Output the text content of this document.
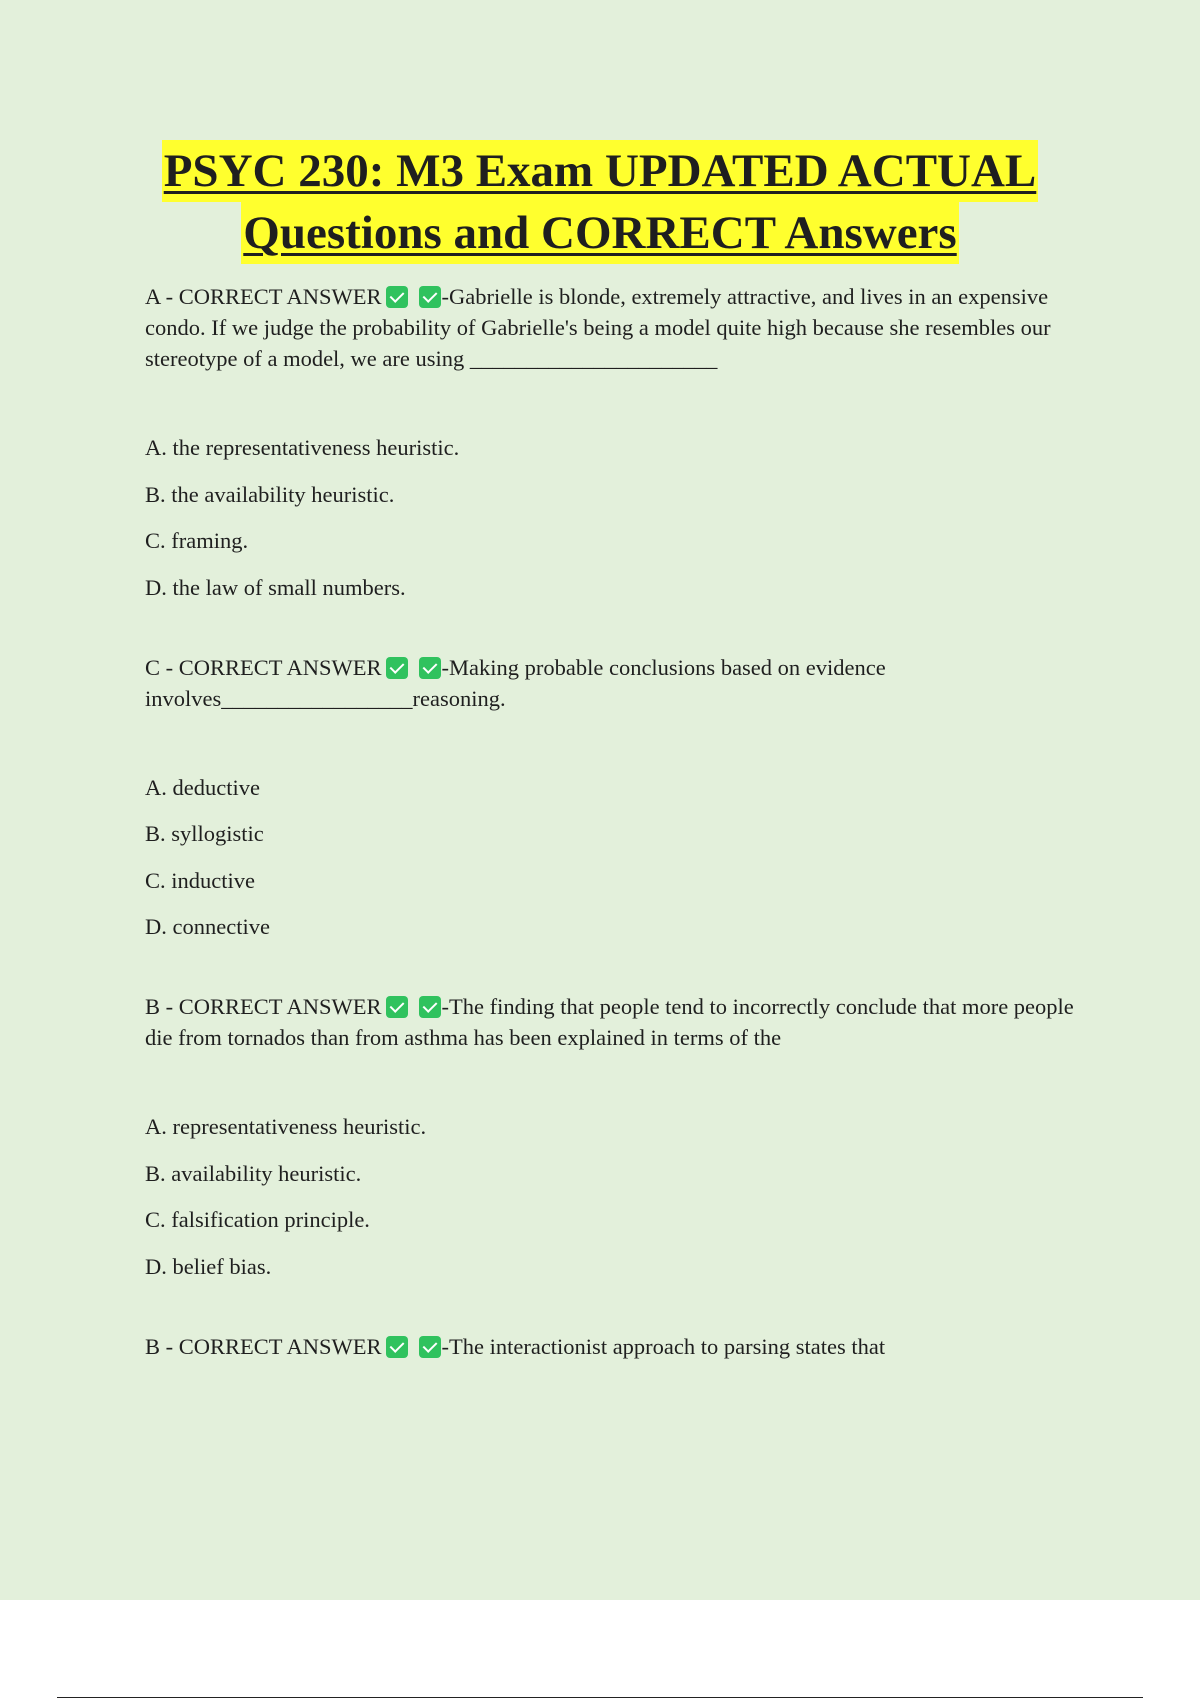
PSYC 230: M3 Exam UPDATED ACTUAL
Questions and CORRECT Answers

A - CORRECT ANSWER	-Gabrielle is blonde, extremely attractive, and lives in an expensive condo. If we judge the probability of Gabrielle's being a model quite high because she resembles our stereotype of a model, we are using ______________________

A. the representativeness heuristic.
B. the availability heuristic.
C. framing.
D. the law of small numbers.

C - CORRECT ANSWER	-Making probable conclusions based on evidence involves_________________reasoning.

A. deductive
B. syllogistic
C. inductive
D. connective

B - CORRECT ANSWER	-The finding that people tend to incorrectly conclude that more people die from tornados than from asthma has been explained in terms of the

A. representativeness heuristic.
B. availability heuristic.
C. falsification principle.
D. belief bias.

B - CORRECT ANSWER	-The interactionist approach to parsing states that
